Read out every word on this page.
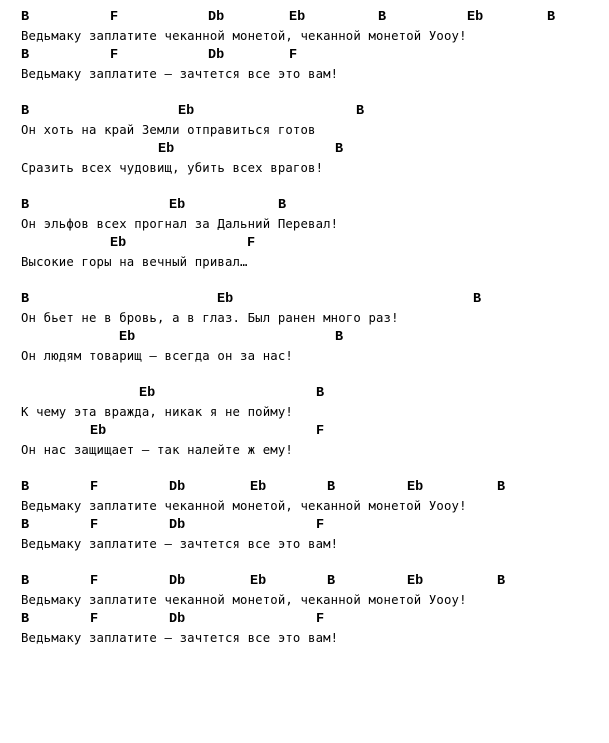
B

	F

	Db

	Eb

	B

	Eb

	B

Ведьмаку заплатите чеканной монетой, чеканной монетой Уооу!

B

	F

	Db

	F

Ведьмаку заплатите — зачтется все это вам!

B

	Eb

	B

Он хоть на край Земли отправиться готов

Eb

	B

Сразить всех чудовищ, убить всех врагов!

B

	Eb

	B

Он эльфов всех прогнал за Дальний Перевал!

Eb

	F

Высокие горы на вечный привал…

B

	Eb

	B

Он бьет не в бровь, а в глаз. Был ранен много раз!

Eb

	B

Он людям товарищ — всегда он за нас!

Eb

	B

К чему эта вражда, никак я не пойму!

Eb

	F

Он нас защищает — так налейте ж ему!

B

	F

	Db

	Eb

	B

	Eb

	B

Ведьмаку заплатите чеканной монетой, чеканной монетой Уооу!

B

	F

	Db

	F

Ведьмаку заплатите — зачтется все это вам!

B

	F

	Db

	Eb

	B

	Eb

	B

Ведьмаку заплатите чеканной монетой, чеканной монетой Уооу!

B

	F

	Db

	F

Ведьмаку заплатите — зачтется все это вам!
